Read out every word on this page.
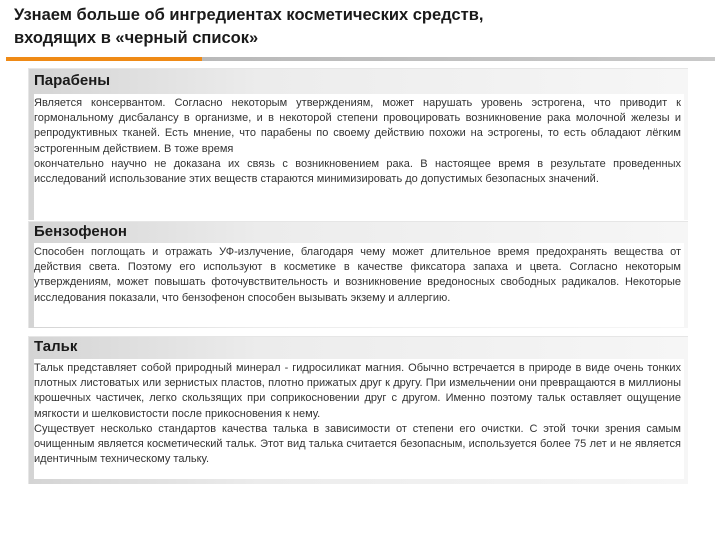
Узнаем больше об ингредиентах косметических средств,
входящих в «черный список»
Парабены

Является консервантом. Согласно некоторым утверждениям, может нарушать уровень эстрогена, что приводит к гормональному дисбалансу в организме, и в некоторой степени провоцировать возникновение рака молочной железы и репродуктивных тканей. Есть мнение, что парабены по своему действию похожи на эстрогены, то есть обладают лёгким эстрогенным действием. В тоже время

окончательно научно не доказана их связь с возникновением рака. В настоящее время в результате проведенных исследований использование этих веществ стараются минимизировать до допустимых безопасных значений.

Бензофенон

Способен поглощать и отражать УФ-излучение, благодаря чему может длительное время предохранять вещества от действия света. Поэтому его используют в косметике в качестве фиксатора запаха и цвета. Согласно некоторым утверждениям, может повышать фоточувствительность и возникновение вредоносных свободных радикалов. Некоторые исследования показали, что бензофенон способен вызывать экзему и аллергию.

Тальк

Тальк представляет собой природный минерал - гидросиликат магния. Обычно встречается в природе в виде очень тонких плотных листоватых или зернистых пластов, плотно прижатых друг к другу. При измельчении они превращаются в миллионы крошечных частичек, легко скользящих при соприкосновении друг с другом. Именно поэтому тальк оставляет ощущение мягкости и шелковистости после прикосновения к нему.

Существует несколько стандартов качества талька в зависимости от степени его очистки. С этой точки зрения самым очищенным является косметический тальк. Этот вид талька считается безопасным, используется более 75 лет и не является идентичным техническому тальку.
